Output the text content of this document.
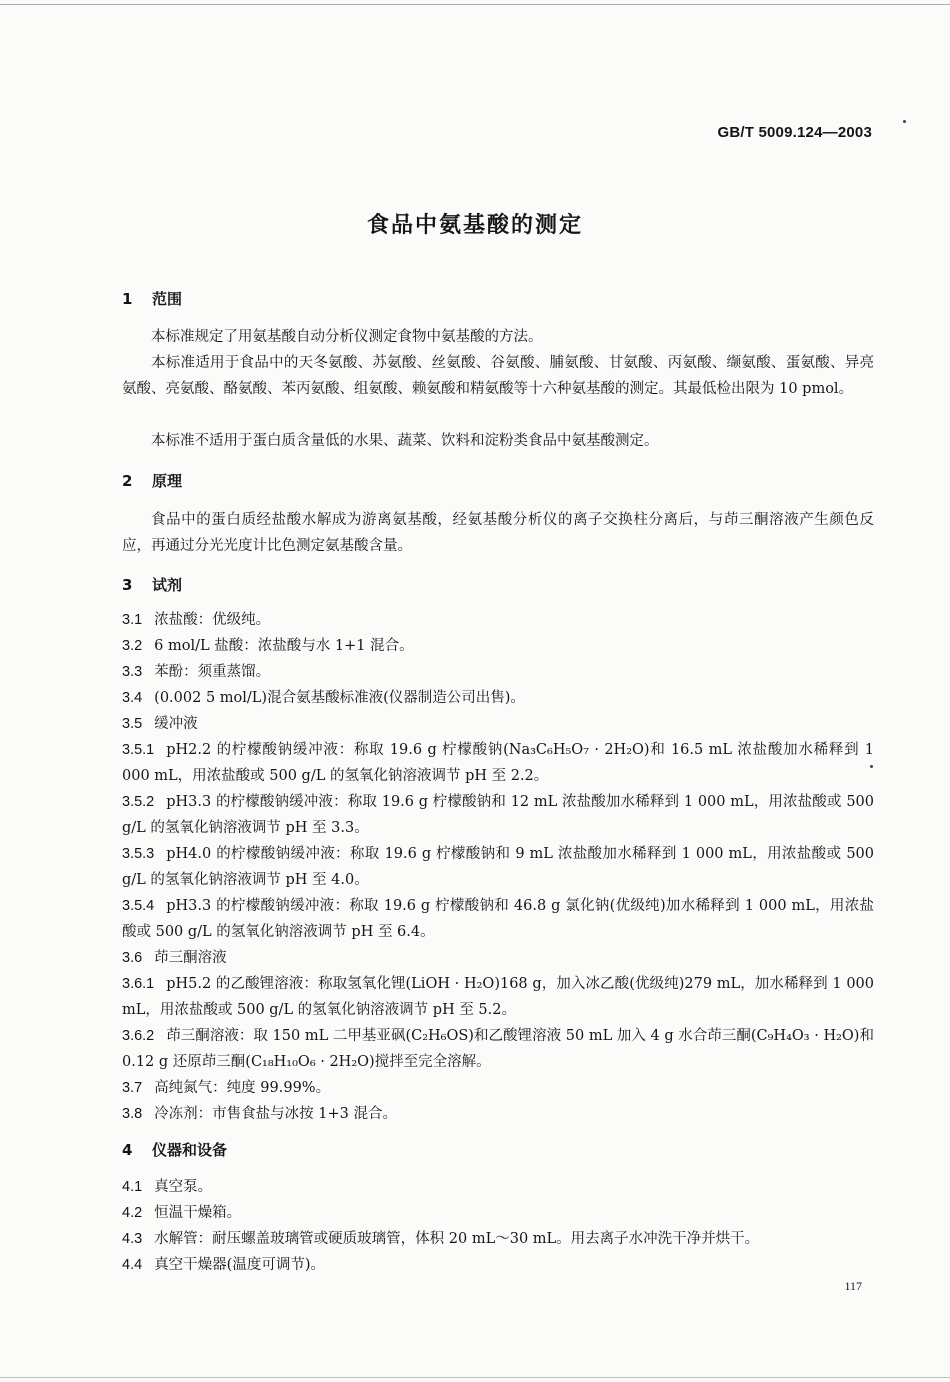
GB/T 5009.124—2003
食品中氨基酸的测定
1 范围
本标准规定了用氨基酸自动分析仪测定食物中氨基酸的方法。
本标准适用于食品中的天冬氨酸、苏氨酸、丝氨酸、谷氨酸、脯氨酸、甘氨酸、丙氨酸、缬氨酸、蛋氨酸、异亮氨酸、亮氨酸、酪氨酸、苯丙氨酸、组氨酸、赖氨酸和精氨酸等十六种氨基酸的测定。其最低检出限为 10 pmol。
本标准不适用于蛋白质含量低的水果、蔬菜、饮料和淀粉类食品中氨基酸测定。
2 原理
食品中的蛋白质经盐酸水解成为游离氨基酸，经氨基酸分析仪的离子交换柱分离后，与茚三酮溶液产生颜色反应，再通过分光光度计比色测定氨基酸含量。
3 试剂
3.1 浓盐酸：优级纯。
3.2 6 mol/L 盐酸：浓盐酸与水 1+1 混合。
3.3 苯酚：须重蒸馏。
3.4 (0.002 5 mol/L)混合氨基酸标准液(仪器制造公司出售)。
3.5 缓冲液
3.5.1 pH2.2 的柠檬酸钠缓冲液：称取 19.6 g 柠檬酸钠(Na₃C₆H₅O₇ · 2H₂O)和 16.5 mL 浓盐酸加水稀释到 1 000 mL，用浓盐酸或 500 g/L 的氢氧化钠溶液调节 pH 至 2.2。
3.5.2 pH3.3 的柠檬酸钠缓冲液：称取 19.6 g 柠檬酸钠和 12 mL 浓盐酸加水稀释到 1 000 mL，用浓盐酸或 500 g/L 的氢氧化钠溶液调节 pH 至 3.3。
3.5.3 pH4.0 的柠檬酸钠缓冲液：称取 19.6 g 柠檬酸钠和 9 mL 浓盐酸加水稀释到 1 000 mL，用浓盐酸或 500 g/L 的氢氧化钠溶液调节 pH 至 4.0。
3.5.4 pH3.3 的柠檬酸钠缓冲液：称取 19.6 g 柠檬酸钠和 46.8 g 氯化钠(优级纯)加水稀释到 1 000 mL，用浓盐酸或 500 g/L 的氢氧化钠溶液调节 pH 至 6.4。
3.6 茚三酮溶液
3.6.1 pH5.2 的乙酸锂溶液：称取氢氧化锂(LiOH · H₂O)168 g，加入冰乙酸(优级纯)279 mL，加水稀释到 1 000 mL，用浓盐酸或 500 g/L 的氢氧化钠溶液调节 pH 至 5.2。
3.6.2 茚三酮溶液：取 150 mL 二甲基亚砜(C₂H₆OS)和乙酸锂溶液 50 mL 加入 4 g 水合茚三酮(C₉H₄O₃ · H₂O)和 0.12 g 还原茚三酮(C₁₈H₁₀O₆ · 2H₂O)搅拌至完全溶解。
3.7 高纯氮气：纯度 99.99%。
3.8 冷冻剂：市售食盐与冰按 1+3 混合。
4 仪器和设备
4.1 真空泵。
4.2 恒温干燥箱。
4.3 水解管：耐压螺盖玻璃管或硬质玻璃管，体积 20 mL～30 mL。用去离子水冲洗干净并烘干。
4.4 真空干燥器(温度可调节)。
117
